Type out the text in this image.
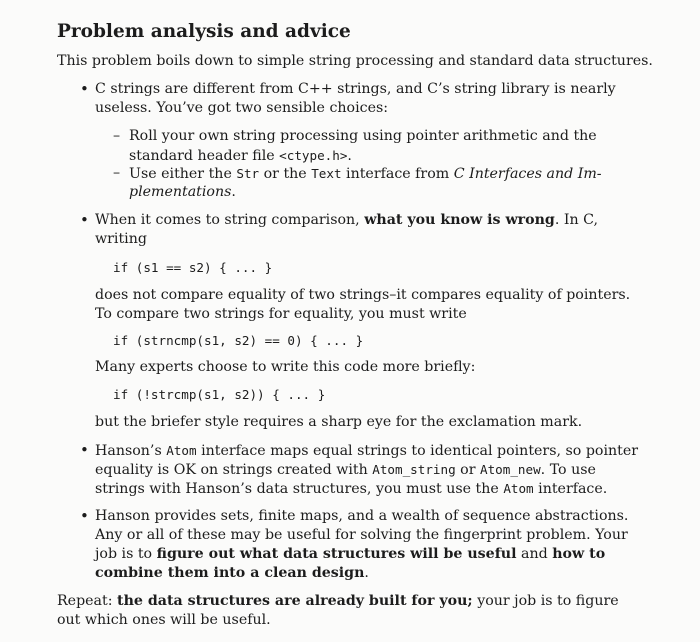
Problem analysis and advice
This problem boils down to simple string processing and standard data structures.
• C strings are different from C++ strings, and C’s string library is nearly
useless. You’ve got two sensible choices:
– Roll your own string processing using pointer arithmetic and the
standard header file <ctype.h>.
– Use either the Str or the Text interface from C Interfaces and Im-
plementations.
• When it comes to string comparison, what you know is wrong. In C,
writing
if (s1 == s2) { ... }
does not compare equality of two strings–it compares equality of pointers.
To compare two strings for equality, you must write
if (strncmp(s1, s2) == 0) { ... }
Many experts choose to write this code more briefly:
if (!strcmp(s1, s2)) { ... }
but the briefer style requires a sharp eye for the exclamation mark.
• Hanson’s Atom interface maps equal strings to identical pointers, so pointer
equality is OK on strings created with Atom_string or Atom_new. To use
strings with Hanson’s data structures, you must use the Atom interface.
• Hanson provides sets, finite maps, and a wealth of sequence abstractions.
Any or all of these may be useful for solving the fingerprint problem. Your
job is to figure out what data structures will be useful and how to
combine them into a clean design.
Repeat: the data structures are already built for you; your job is to figure
out which ones will be useful.
